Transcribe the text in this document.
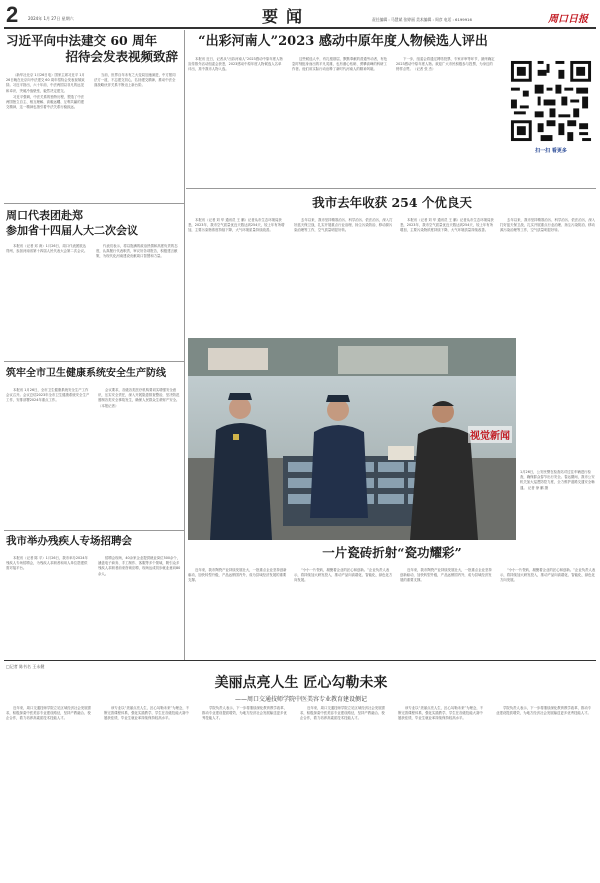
2 2024年 1月 27日 星期六	要闻	责任编辑 : 马慧斌 张婷丽 美术编辑 : 周彦 电话 : 6199916	周口日报
习近平向中法建交 60 周年
招待会发表视频致辞

（新华社北京 1月26日电）国家主席习近平 1月26日晚在北京向中法建交 60 周年招待会发表视频致辞。习近平指出，六十年前，中法两国以非凡的远见和卓识，突破冷战壁垒，毅然决定建交。

习近平强调，中法关系的独特历程，塑造了中法两国独立自主、相互理解、高瞻远瞩、互利共赢的建交精神，这一精神也指引着中法关系行稳致远。

当前，世界百年未有之大变局加速演进，中方愿同法方一道，不忘建交初心，弘扬建交精神，推动中法全面战略伙伴关系不断迈上新台阶。

“出彩河南人”2023 感动中原年度人物候选人评出

本报讯 近日，记者从“出彩河南人”2023感动中原年度人物宣传推介活动组委会获悉，2023感动中原年度人物候选人名单评出，其中我市人物入选。

这些候选人中，有扎根基层、默默奉献的普通劳动者，有危急时刻挺身而出的平凡英雄，也有潜心钻研、勇攀高峰的科研工作者。他们用实际行动诠释了新时代河南人的精神风貌。

下一步，组委会将通过网络投票、专家评审等环节，最终确定2023感动中原年度人物。欢迎广大市民积极参与投票，为身边的榜样点赞。（记者 张 杰）

扫一扫 看更多
周口代表团赴郑
参加省十四届人大二次会议

本报讯（记者 邓 涛）1月26日，周口代表团抵达郑州，参加河南省第十四届人民代表大会第二次会议。

代表们表示，将以饱满的政治热情和高度负责的态度，认真履行代表职责，审议好各项报告，积极建言献策，为现代化河南建设贡献周口智慧和力量。

我市去年收获 254 个优良天

本报讯（记者 刘 华 通讯员 王 鹏）记者从市生态环境局获悉，2023年，我市空气质量优良天数达到254天，较上年有所增加，主要污染物浓度持续下降，大气环境质量持续改善。

去年以来，我市坚持精准治污、科学治污、依法治污，深入打好蓝天保卫战，扎实开展重点行业治理、扬尘污染防治、移动源污染治理等工作，空气质量明显好转。

本报讯（记者 刘 华 通讯员 王 鹏）记者从市生态环境局获悉，2023年，我市空气质量优良天数达到254天，较上年有所增加，主要污染物浓度持续下降，大气环境质量持续改善。

去年以来，我市坚持精准治污、科学治污、依法治污，深入打好蓝天保卫战，扎实开展重点行业治理、扬尘污染防治、移动源污染治理等工作，空气质量明显好转。

筑牢全市卫生健康系统安全生产防线

本报讯 1月26日，全市卫生健康系统安全生产工作会议召开。会议总结2023年全市卫生健康系统安全生产工作，安排部署2024年重点工作。

会议要求，各级各类医疗机构要切实增强安全意识，压实安全责任，深入开展隐患排查整治，坚决防范遏制各类安全事故发生，确保人民群众生命财产安全。（本报记者）

视觉新闻

1月26日，公安民警在检查站对过往车辆进行检查，确保群众春节出行安全。春运期间，我市公安机关加大巡逻防控力度，全力维护道路交通安全畅通。 记者 徐 鹏 摄

我市举办残疾人专场招聘会

本报讯（记者 陈 平）1月26日，我市举办2024年残疾人专场招聘会，为残疾人求职者和用人单位搭建供需对接平台。

招聘会现场，40余家企业提供就业岗位500余个，涵盖电子商务、手工制作、客服等多个领域，吸引众多残疾人求职者前来咨询应聘，现场达成初步就业意向80余人。

一片瓷砖折射“瓷功耀彩”

近年来，我市陶瓷产业持续发展壮大，一批重点企业坚持创新驱动，加快转型升级，产品远销国内外，成为县域经济发展的重要支撑。

“小小一片瓷砖，凝聚着企业的匠心和创新。”企业负责人表示，将持续加大研发投入，推动产品向高端化、智能化、绿色化方向发展。

近年来，我市陶瓷产业持续发展壮大，一批重点企业坚持创新驱动，加快转型升级，产品远销国内外，成为县域经济发展的重要支撑。

“小小一片瓷砖，凝聚着企业的匠心和创新。”企业负责人表示，将持续加大研发投入，推动产品向高端化、智能化、绿色化方向发展。

□记者 陈书名 王永健
美丽点亮人生 匠心勾勒未来
——周口交通技师学院中医美容专业教育建设侧记

近年来，周口交通技师学院立足区域经济社会发展需求，积极探索中医美容专业建设路径，坚持产教融合、校企合作，着力培养高素质技术技能人才。

该专业以“美丽点亮人生，匠心勾勒未来”为理念，不断完善课程体系，强化实践教学，学生在各级技能大赛中屡获佳绩，毕业生就业率持续保持较高水平。

学院负责人表示，下一步将继续深化教育教学改革，推动专业建设提质增效，为地方经济社会发展输送更多优秀技能人才。

近年来，周口交通技师学院立足区域经济社会发展需求，积极探索中医美容专业建设路径，坚持产教融合、校企合作，着力培养高素质技术技能人才。

该专业以“美丽点亮人生，匠心勾勒未来”为理念，不断完善课程体系，强化实践教学，学生在各级技能大赛中屡获佳绩，毕业生就业率持续保持较高水平。

学院负责人表示，下一步将继续深化教育教学改革，推动专业建设提质增效，为地方经济社会发展输送更多优秀技能人才。
